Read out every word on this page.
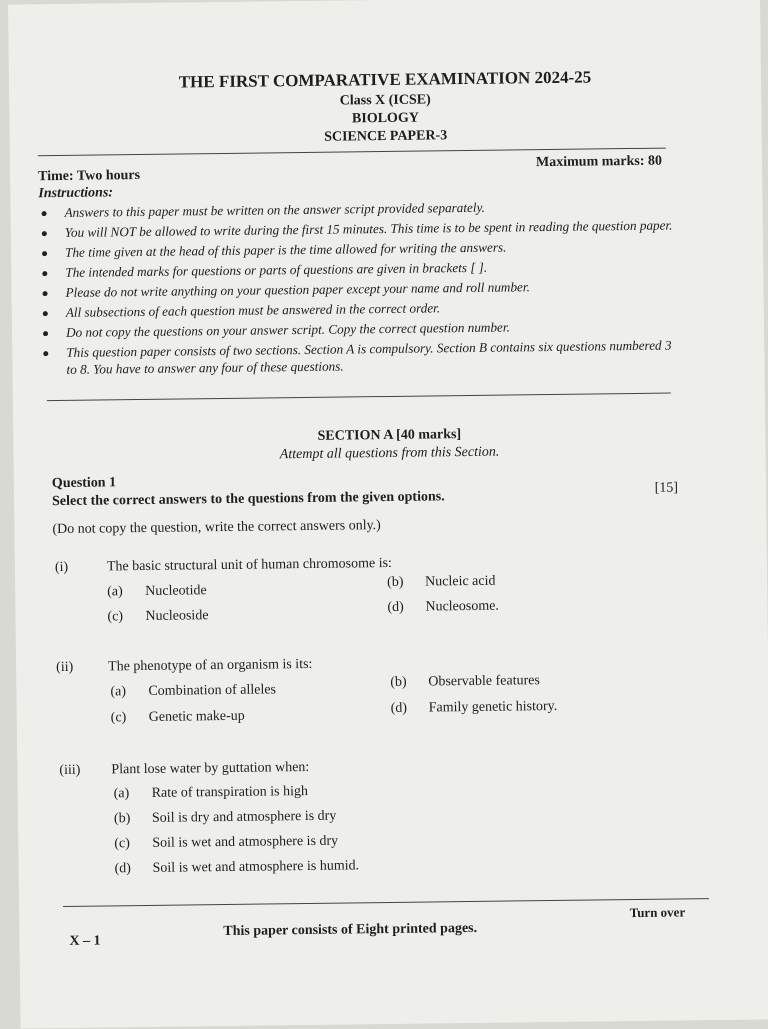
THE FIRST COMPARATIVE EXAMINATION 2024-25
Class X (ICSE)
BIOLOGY
SCIENCE PAPER-3
Time: Two hours
Maximum marks: 80
Instructions:
Answers to this paper must be written on the answer script provided separately.
You will NOT be allowed to write during the first 15 minutes. This time is to be spent in reading the question paper.
The time given at the head of this paper is the time allowed for writing the answers.
The intended marks for questions or parts of questions are given in brackets [ ].
Please do not write anything on your question paper except your name and roll number.
All subsections of each question must be answered in the correct order.
Do not copy the questions on your answer script. Copy the correct question number.
This question paper consists of two sections. Section A is compulsory. Section B contains six questions numbered 3 to 8. You have to answer any four of these questions.
SECTION A [40 marks]
Attempt all questions from this Section.
Question 1
Select the correct answers to the questions from the given options.
[15]
(Do not copy the question, write the correct answers only.)
(i)	The basic structural unit of human chromosome is:
(a) Nucleotide
(b) Nucleic acid
(c) Nucleoside
(d) Nucleosome.
(ii) The phenotype of an organism is its:
(a) Combination of alleles	(b) Observable features
(c) Genetic make-up
(d) Family genetic history.
(iii) Plant lose water by guttation when:
(a) Rate of transpiration is high
(b) Soil is dry and atmosphere is dry
(c) Soil is wet and atmosphere is dry
(d) Soil is wet and atmosphere is humid.
X – 1
This paper consists of Eight printed pages.
Turn over
